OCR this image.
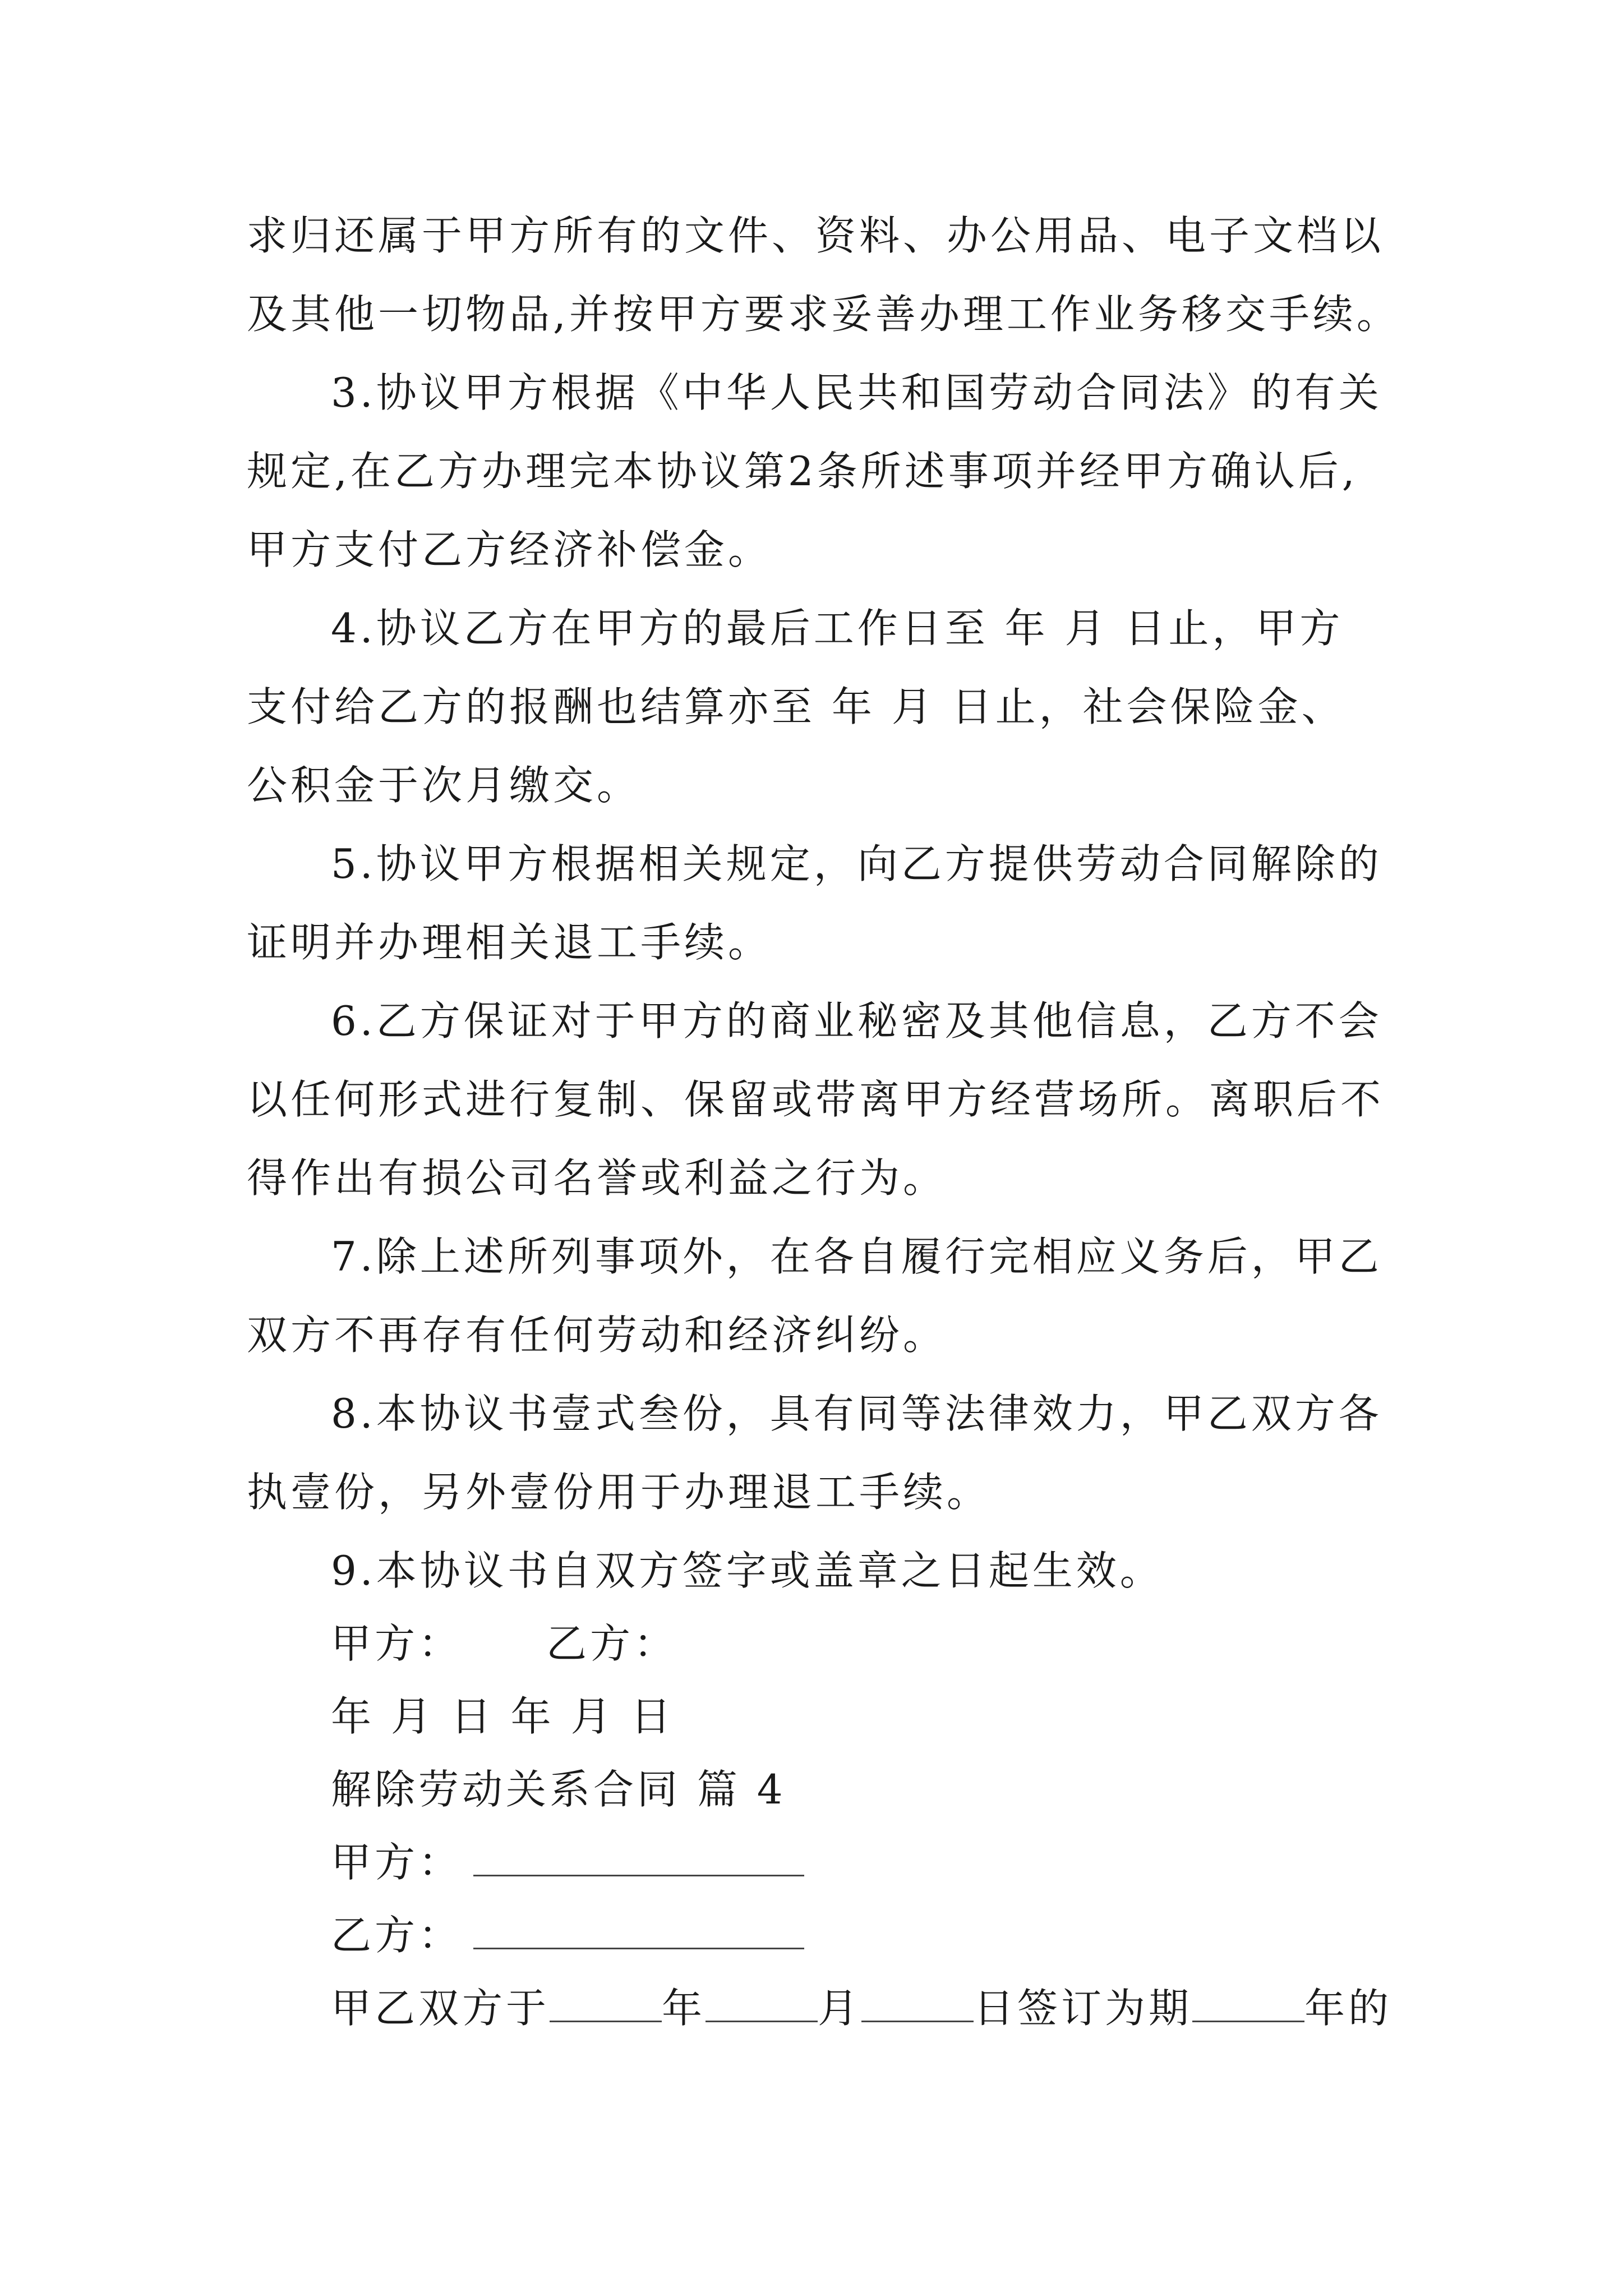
求归还属于甲方所有的文件、资料、办公用品、电子文档以
及其他一切物品,并按甲方要求妥善办理工作业务移交手续。
3.协议甲方根据《中华人民共和国劳动合同法》的有关
规定,在乙方办理完本协议第2条所述事项并经甲方确认后,
甲方支付乙方经济补偿金。
4.协议乙方在甲方的最后工作日至 年 月 日止，甲方
支付给乙方的报酬也结算亦至 年 月 日止，社会保险金、
公积金于次月缴交。
5.协议甲方根据相关规定，向乙方提供劳动合同解除的
证明并办理相关退工手续。
6.乙方保证对于甲方的商业秘密及其他信息，乙方不会
以任何形式进行复制、保留或带离甲方经营场所。离职后不
得作出有损公司名誉或利益之行为。
7.除上述所列事项外，在各自履行完相应义务后，甲乙
双方不再存有任何劳动和经济纠纷。
8.本协议书壹式叁份，具有同等法律效力，甲乙双方各
执壹份，另外壹份用于办理退工手续。
9.本协议书自双方签字或盖章之日起生效。
甲方： 乙方：
年 月 日 年 月 日
解除劳动关系合同 篇 4
甲方：
乙方：
甲乙双方于	年	月	日签订为期	年的
